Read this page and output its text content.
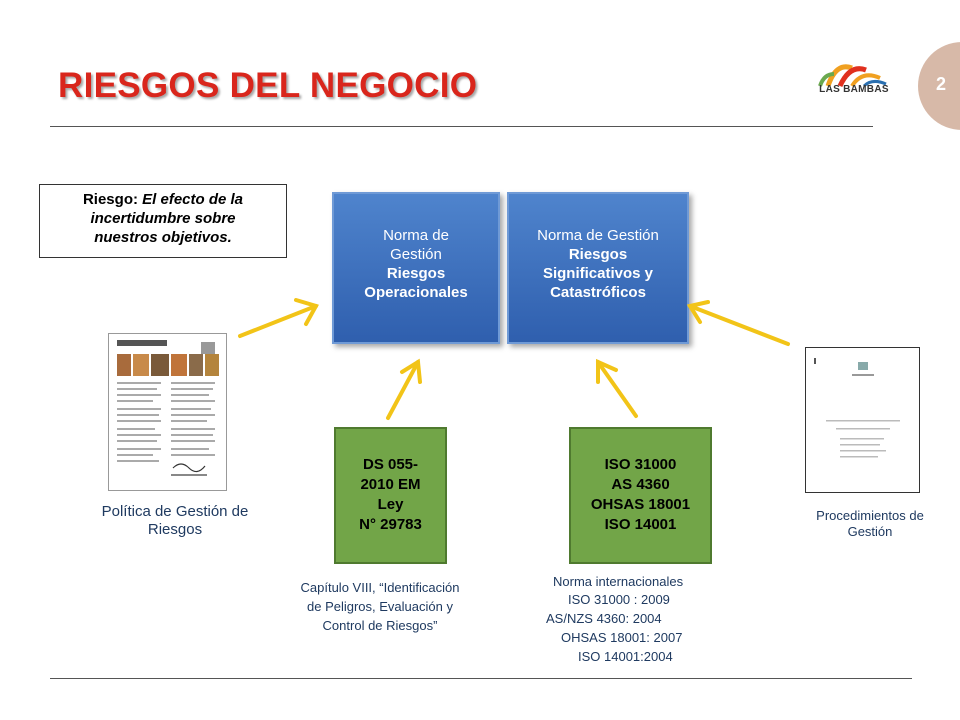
RIESGOS DEL NEGOCIO	2
LAS BAMBAS
Riesgo: El efecto de la
incertidumbre sobre
nuestros objetivos.	Norma de
Gestión
Riesgos
Operacionales
Norma de Gestión
Riesgos
Significativos y
Catastróficos
DS 055-
2010 EM
Ley
N° 29783
ISO 31000
AS 4360
OHSAS 18001
ISO 14001
Política de Gestión de
Riesgos
Procedimientos de
Gestión
Capítulo VIII, “Identificación
de Peligros, Evaluación y
Control de Riesgos”
Norma internacionales
ISO 31000 : 2009
AS/NZS 4360: 2004
OHSAS 18001: 2007
ISO 14001:2004
